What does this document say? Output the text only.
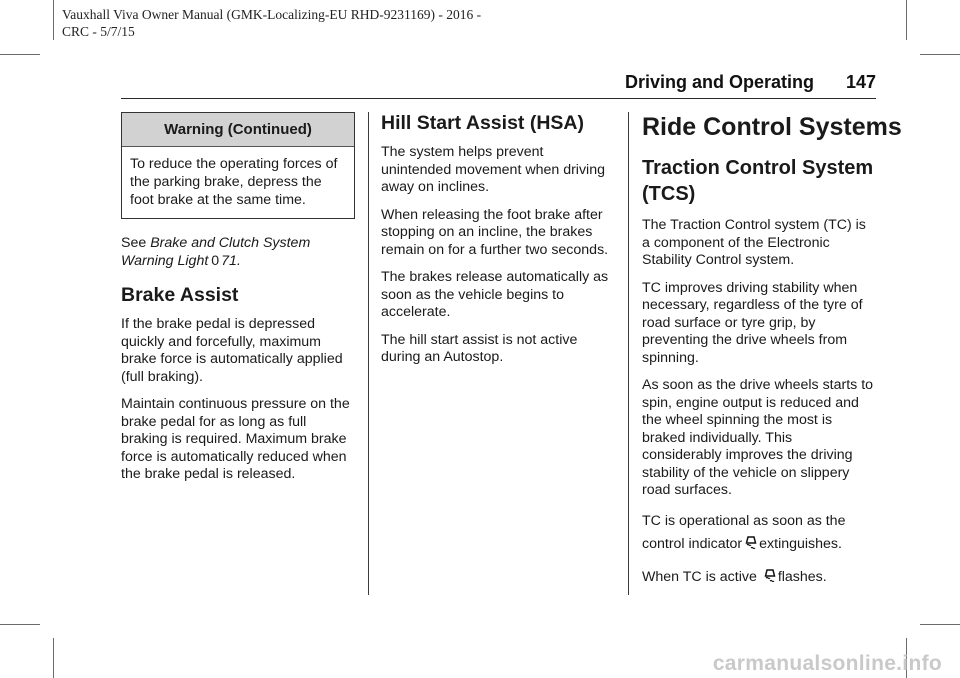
Vauxhall Viva Owner Manual (GMK-Localizing-EU RHD-9231169) - 2016 -
CRC - 5/7/15
Driving and Operating 147
Warning (Continued)
To reduce the operating forces of the parking brake, depress the foot brake at the same time.

See Brake and Clutch System Warning Light 0 71.

Brake Assist

If the brake pedal is depressed quickly and forcefully, maximum brake force is automatically applied (full braking).

Maintain continuous pressure on the brake pedal for as long as full braking is required. Maximum brake force is automatically reduced when the brake pedal is released.

Hill Start Assist (HSA)

The system helps prevent unintended movement when driving away on inclines.

When releasing the foot brake after stopping on an incline, the brakes remain on for a further two seconds.

The brakes release automatically as soon as the vehicle begins to accelerate.

The hill start assist is not active during an Autostop.

Ride Control Systems
Traction Control System (TCS)

The Traction Control system (TC) is a component of the Electronic Stability Control system.

TC improves driving stability when necessary, regardless of the tyre of road surface or tyre grip, by preventing the drive wheels from spinning.

As soon as the drive wheels starts to spin, engine output is reduced and the wheel spinning the most is braked individually. This considerably improves the driving stability of the vehicle on slippery road surfaces.

TC is operational as soon as the control indicator extinguishes.

When TC is active flashes.

carmanualsonline.info
